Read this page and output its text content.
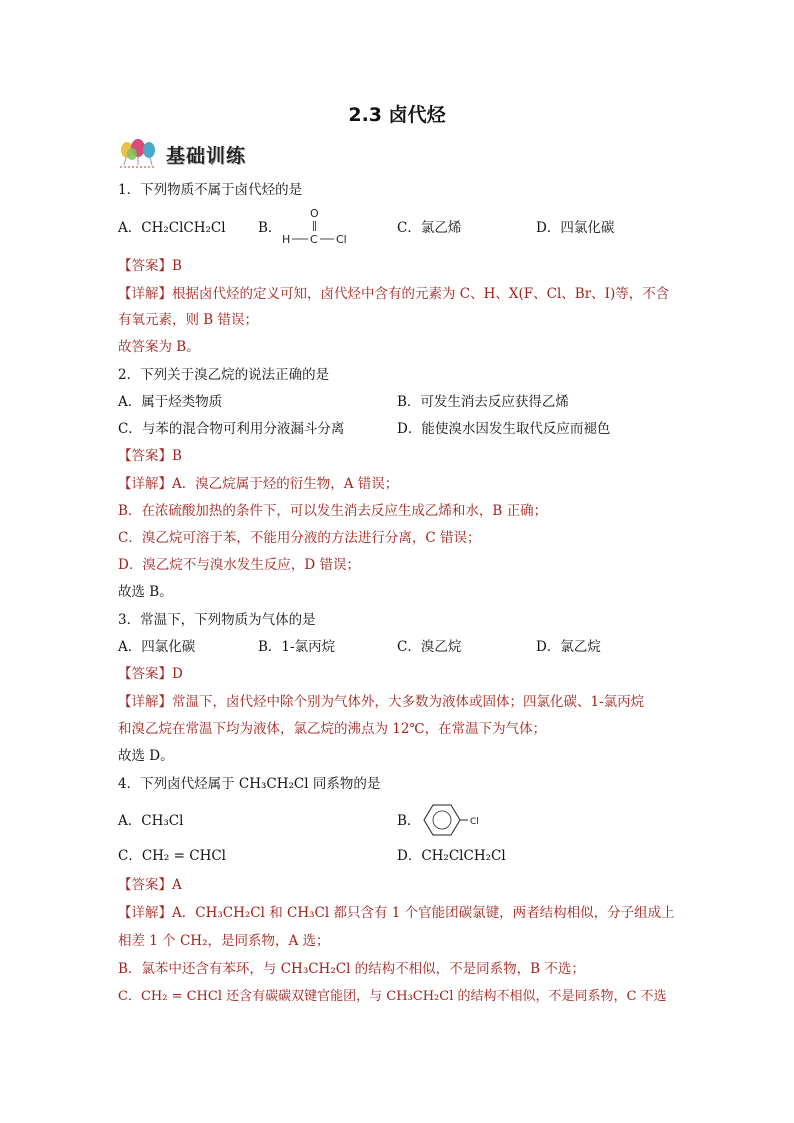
2.3 卤代烃
基础训练
1．下列物质不属于卤代烃的是
A．CH₂ClCH₂Cl B．
O
H C Cl
C．氯乙烯	D．四氯化碳
【答案】B
【详解】根据卤代烃的定义可知，卤代烃中含有的元素为 C、H、X(F、Cl、Br、I)等，不含
有氧元素，则 B 错误；
故答案为 B。
2．下列关于溴乙烷的说法正确的是
A．属于烃类物质	B．可发生消去反应获得乙烯
C．与苯的混合物可利用分液漏斗分离	D．能使溴水因发生取代反应而褪色
【答案】B
【详解】A．溴乙烷属于烃的衍生物，A 错误；
B．在浓硫酸加热的条件下，可以发生消去反应生成乙烯和水，B 正确；
C．溴乙烷可溶于苯，不能用分液的方法进行分离，C 错误；
D．溴乙烷不与溴水发生反应，D 错误；
故选 B。
3．常温下，下列物质为气体的是
A．四氯化碳	B．1-氯丙烷	C．溴乙烷	D．氯乙烷
【答案】D
【详解】常温下，卤代烃中除个别为气体外，大多数为液体或固体；四氯化碳、1-氯丙烷
和溴乙烷在常温下均为液体，氯乙烷的沸点为 12℃，在常温下为气体；
故选 D。
4．下列卤代烃属于 CH₃CH₂Cl 同系物的是
A．CH₃Cl	B．	Cl
C．CH₂ = CHCl	D．CH₂ClCH₂Cl
【答案】A
【详解】A．CH₃CH₂Cl 和 CH₃Cl 都只含有 1 个官能团碳氯键，两者结构相似，分子组成上
相差 1 个 CH₂，是同系物，A 选；
B．氯苯中还含有苯环，与 CH₃CH₂Cl 的结构不相似，不是同系物，B 不选；
C．CH₂ = CHCl 还含有碳碳双键官能团，与 CH₃CH₂Cl 的结构不相似，不是同系物，C 不选
